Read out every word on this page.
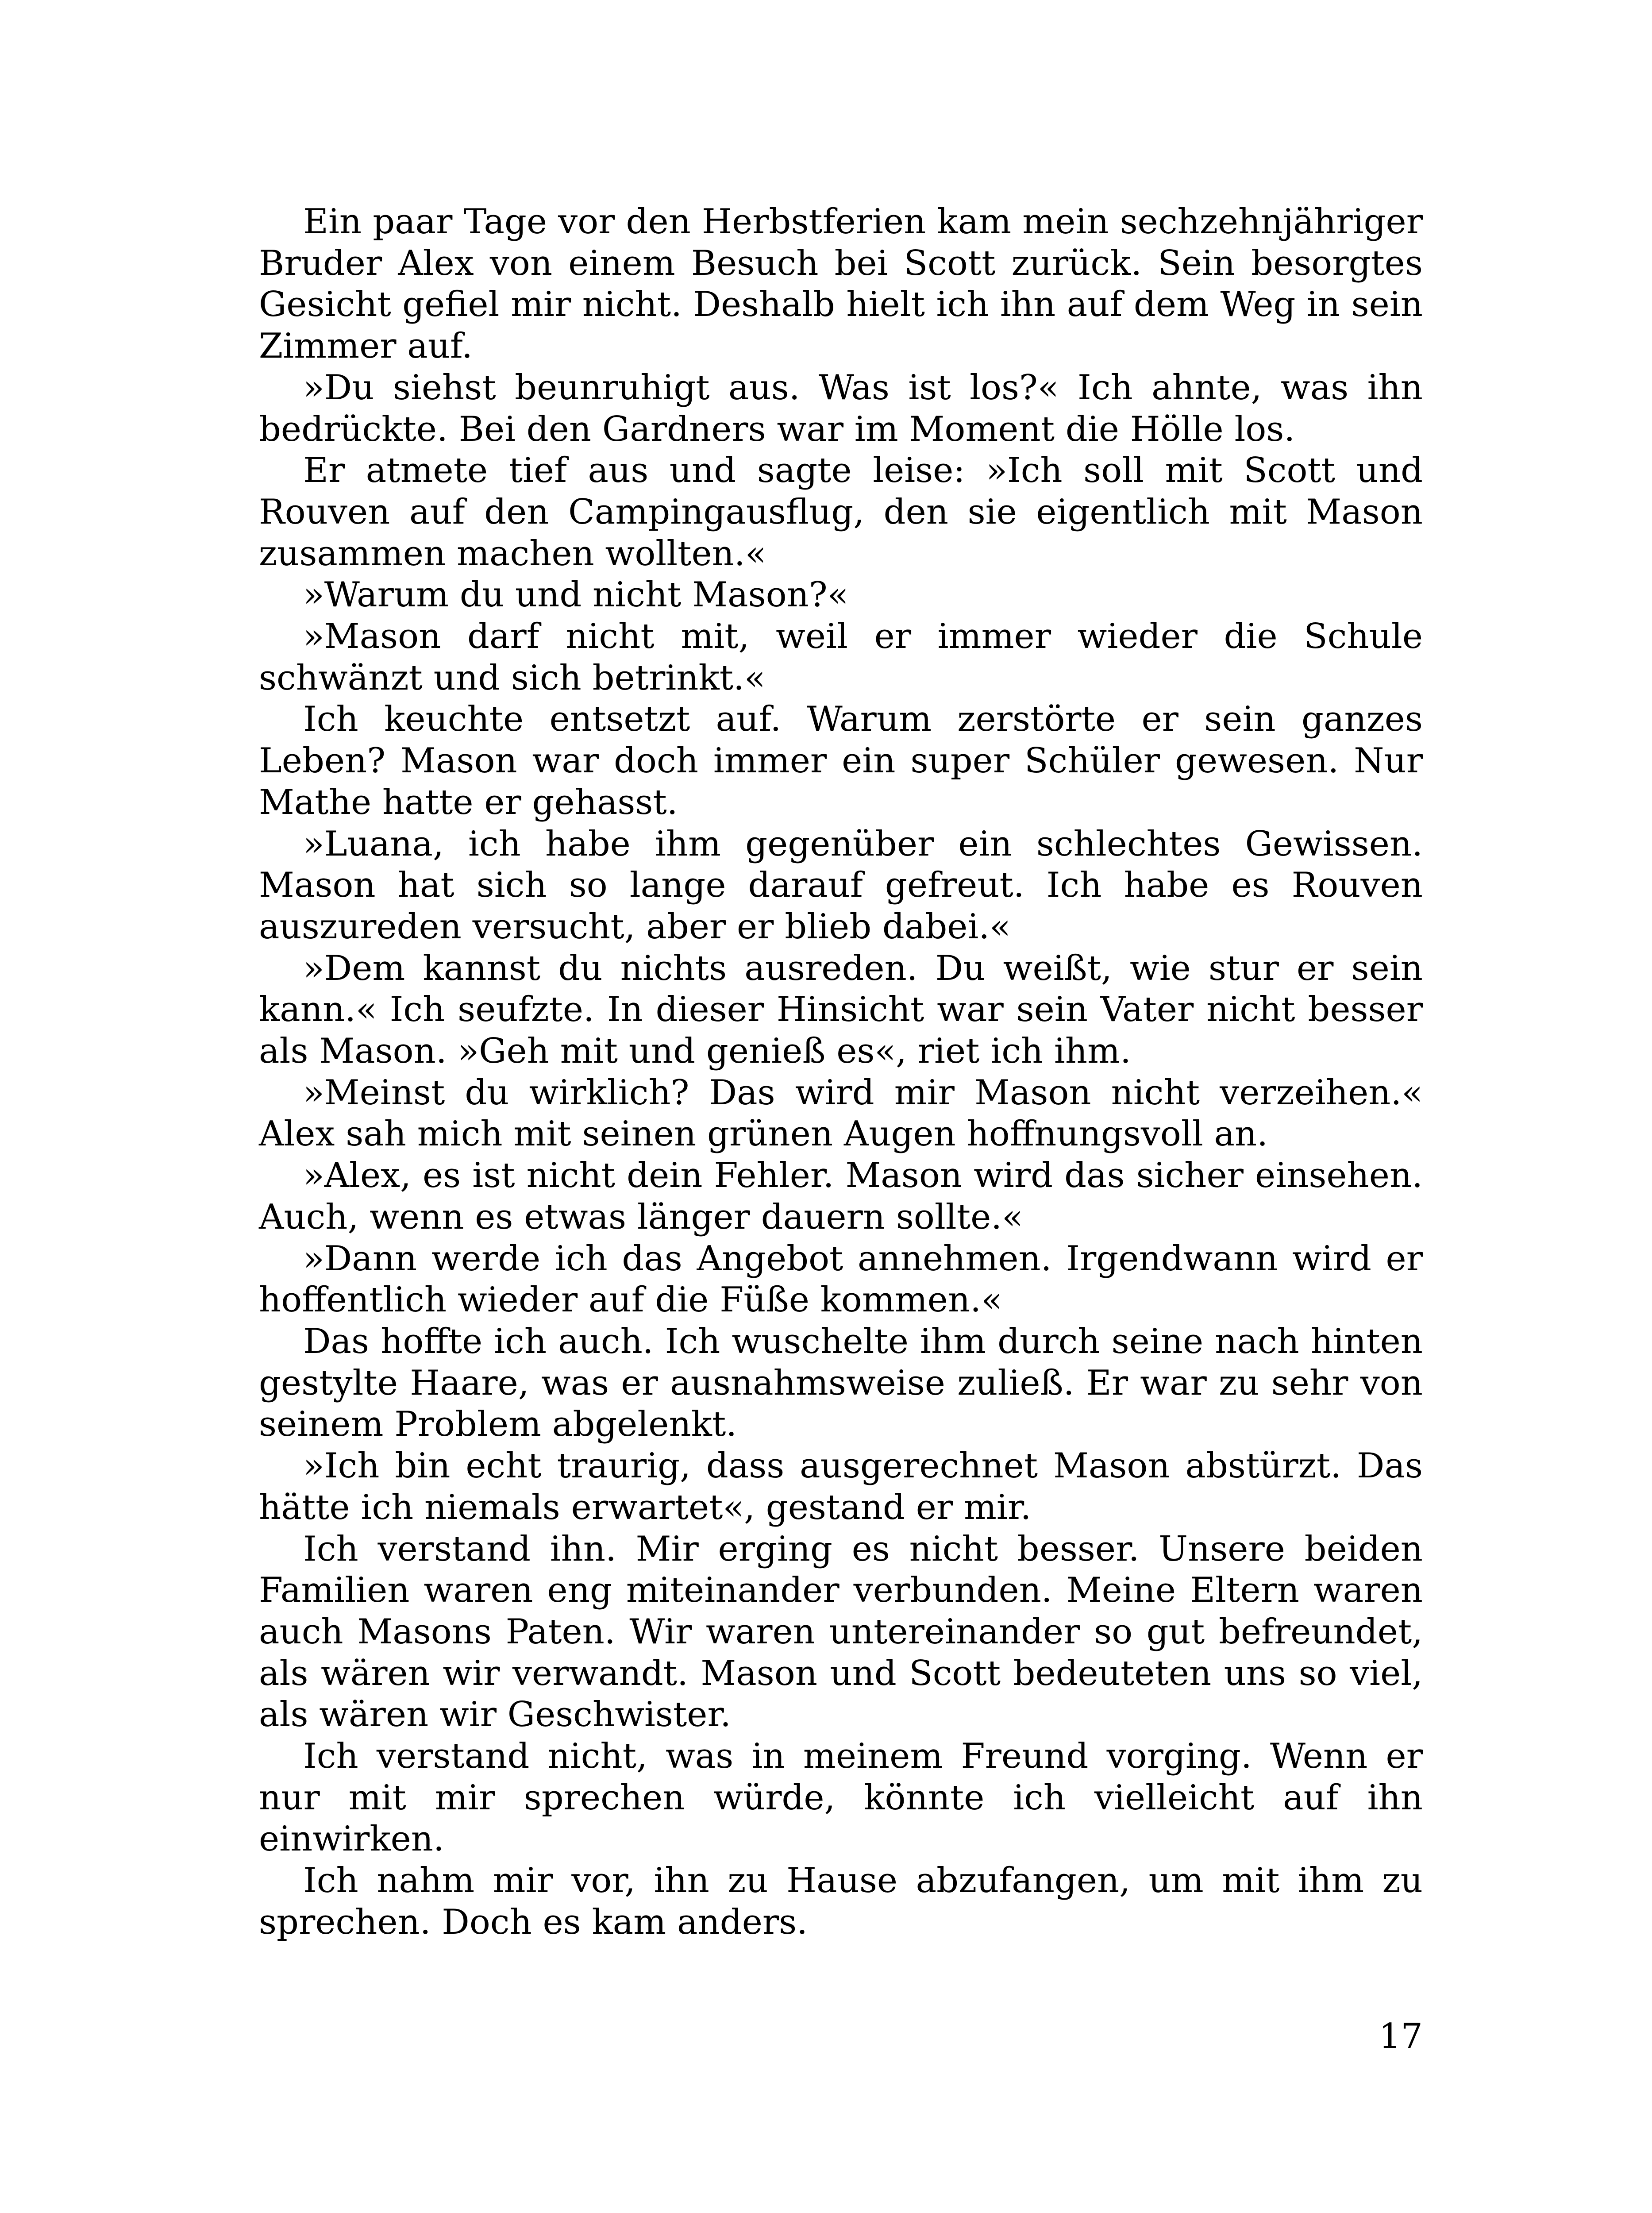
Ein paar Tage vor den Herbstferien kam mein sechzehnjähriger Bruder Alex von einem Besuch bei Scott zurück. Sein besorgtes Gesicht gefiel mir nicht. Deshalb hielt ich ihn auf dem Weg in sein Zimmer auf.

»Du siehst beunruhigt aus. Was ist los?« Ich ahnte, was ihn bedrückte. Bei den Gardners war im Moment die Hölle los.

Er atmete tief aus und sagte leise: »Ich soll mit Scott und Rouven auf den Campingausflug, den sie eigentlich mit Mason zusammen machen wollten.«

»Warum du und nicht Mason?«

»Mason darf nicht mit, weil er immer wieder die Schule schwänzt und sich betrinkt.«

Ich keuchte entsetzt auf. Warum zerstörte er sein ganzes Leben? Mason war doch immer ein super Schüler gewesen. Nur Mathe hatte er gehasst.

»Luana, ich habe ihm gegenüber ein schlechtes Gewissen. Mason hat sich so lange darauf gefreut. Ich habe es Rouven auszureden versucht, aber er blieb dabei.«

»Dem kannst du nichts ausreden. Du weißt, wie stur er sein kann.« Ich seufzte. In dieser Hinsicht war sein Vater nicht besser als Mason. »Geh mit und genieß es«, riet ich ihm.

»Meinst du wirklich? Das wird mir Mason nicht verzeihen.« Alex sah mich mit seinen grünen Augen hoffnungsvoll an.

»Alex, es ist nicht dein Fehler. Mason wird das sicher einsehen. Auch, wenn es etwas länger dauern sollte.«

»Dann werde ich das Angebot annehmen. Irgendwann wird er hoffentlich wieder auf die Füße kommen.«

Das hoffte ich auch. Ich wuschelte ihm durch seine nach hinten gestylte Haare, was er ausnahmsweise zuließ. Er war zu sehr von seinem Problem abgelenkt.

»Ich bin echt traurig, dass ausgerechnet Mason abstürzt. Das hätte ich niemals erwartet«, gestand er mir.

Ich verstand ihn. Mir erging es nicht besser. Unsere beiden Familien waren eng miteinander verbunden. Meine Eltern waren auch Masons Paten. Wir waren untereinander so gut befreundet, als wären wir verwandt. Mason und Scott bedeuteten uns so viel, als wären wir Geschwister.

Ich verstand nicht, was in meinem Freund vorging. Wenn er nur mit mir sprechen würde, könnte ich vielleicht auf ihn einwirken.

Ich nahm mir vor, ihn zu Hause abzufangen, um mit ihm zu sprechen. Doch es kam anders.

17
